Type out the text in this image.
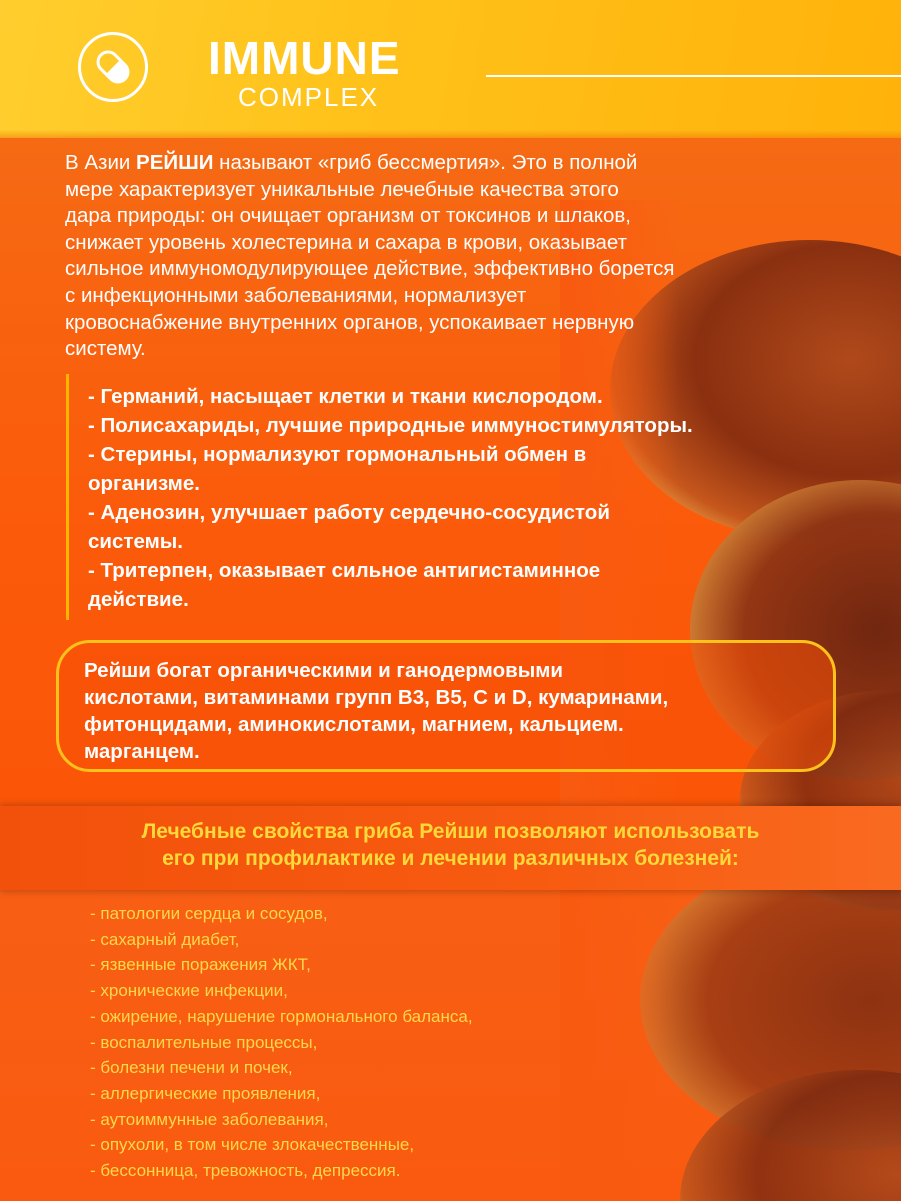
IMMUNE
COMPLEX
В Азии РЕЙШИ называют «гриб бессмертия». Это в полной
мере характеризует уникальные лечебные качества этого
дара природы: он очищает организм от токсинов и шлаков,
снижает уровень холестерина и сахара в крови, оказывает
сильное иммуномодулирующее действие, эффективно борется
с инфекционными заболеваниями, нормализует
кровоснабжение внутренних органов, успокаивает нервную
систему.
- Германий, насыщает клетки и ткани кислородом.
- Полисахариды, лучшие природные иммуностимуляторы.
- Стерины, нормализуют гормональный обмен в
организме.
- Аденозин, улучшает работу сердечно-сосудистой
системы.
- Тритерпен, оказывает сильное антигистаминное
действие.
Рейши богат органическими и ганодермовыми
кислотами, витаминами групп В3, В5, С и D, кумаринами,
фитонцидами, аминокислотами, магнием, кальцием.
марганцем.
Лечебные свойства гриба Рейши позволяют использовать
его при профилактике и лечении различных болезней:
- патологии сердца и сосудов,
- сахарный диабет,
- язвенные поражения ЖКТ,
- хронические инфекции,
- ожирение, нарушение гормонального баланса,
- воспалительные процессы,
- болезни печени и почек,
- аллергические проявления,
- аутоиммунные заболевания,
- опухоли, в том числе злокачественные,
- бессонница, тревожность, депрессия.
